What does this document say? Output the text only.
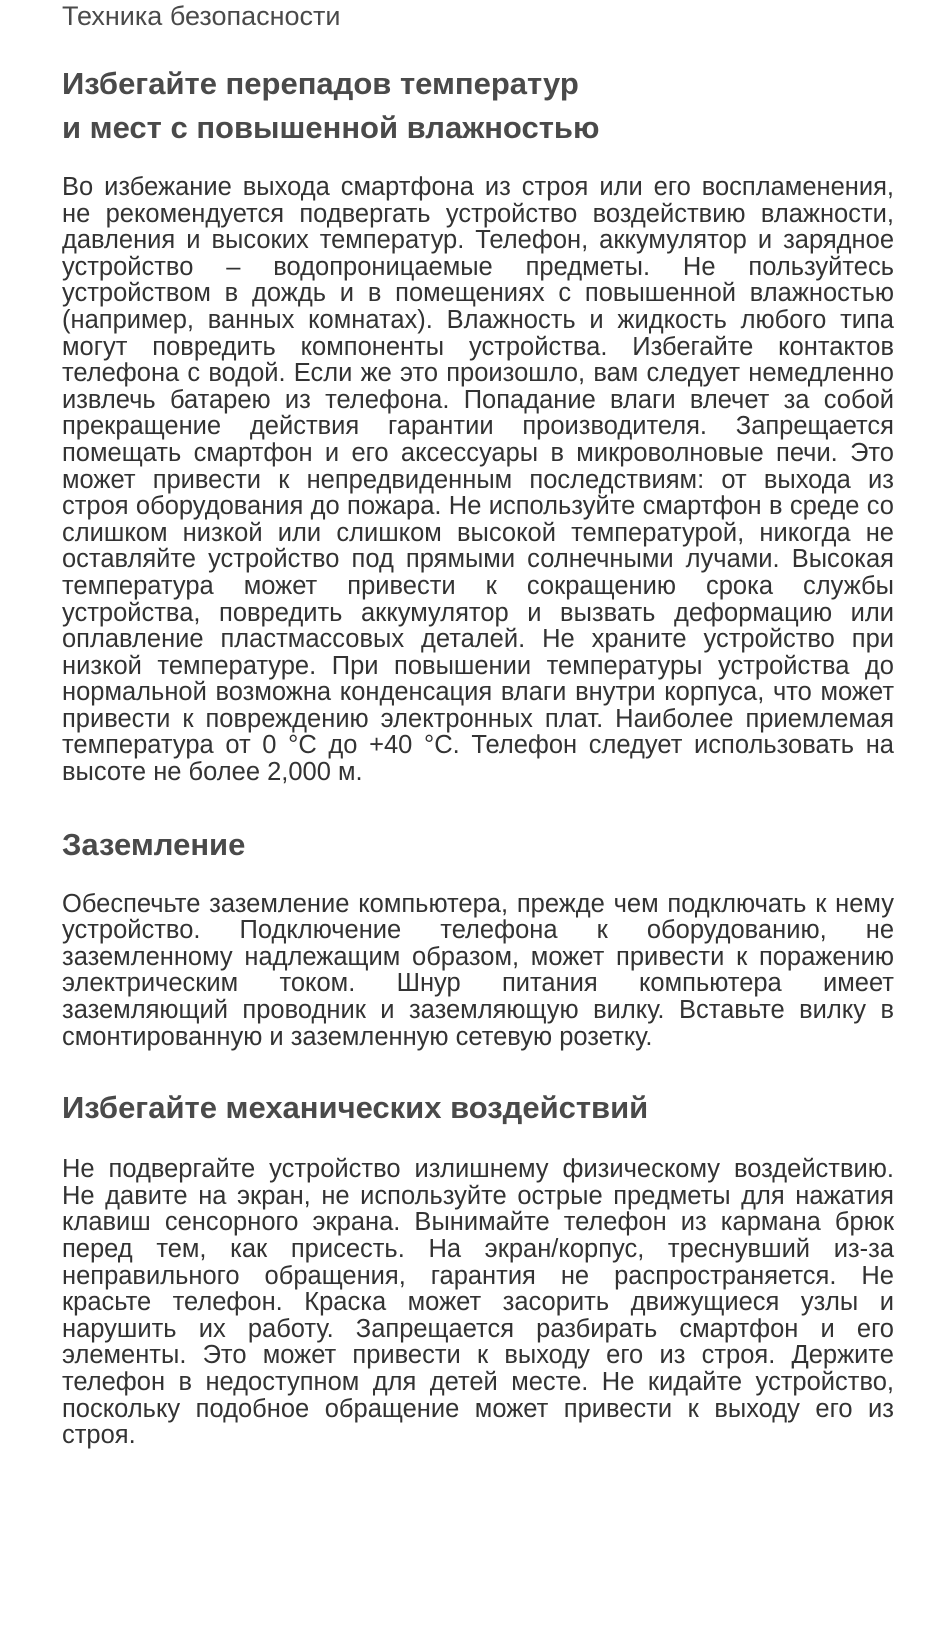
Техника безопасности
Избегайте перепадов температур
и мест с повышенной влажностью

Во избежание выхода смартфона из строя или его воспламенения, не рекомендуется подвергать устройство воздействию влажности, давления и высоких температур. Телефон, аккумулятор и зарядное устройство – водопроницаемые предметы. Не пользуйтесь устройством в дождь и в помещениях с повышенной влажностью (например, ванных комнатах). Влажность и жидкость любого типа могут повредить компоненты устройства. Избегайте контактов телефона с водой. Если же это произошло, вам следует немедленно извлечь батарею из телефона. Попадание влаги влечет за собой прекращение действия гарантии производителя. Запрещается помещать смартфон и его аксессуары в микроволновые печи. Это может привести к непредвиденным последствиям: от выхода из строя оборудования до пожара. Не используйте смартфон в среде со слишком низкой или слишком высокой температурой, никогда не оставляйте устройство под прямыми солнечными лучами. Высокая температура может привести к сокращению срока службы устройства, повредить аккумулятор и вызвать деформацию или оплавление пластмассовых деталей. Не храните устройство при низкой температуре. При повышении температуры устройства до нормальной возможна конденсация влаги внутри корпуса, что может привести к повреждению электронных плат. Наиболее приемлемая температура от 0 °С до +40 °С. Телефон следует использовать на высоте не более 2,000 м.

Заземление

Обеспечьте заземление компьютера, прежде чем подключать к нему устройство. Подключение телефона к оборудованию, не заземленному надлежащим образом, может привести к поражению электрическим током. Шнур питания компьютера имеет заземляющий проводник и заземляющую вилку. Вставьте вилку в смонтированную и заземленную сетевую розетку.

Избегайте механических воздействий

Не подвергайте устройство излишнему физическому воздействию. Не давите на экран, не используйте острые предметы для нажатия клавиш сенсорного экрана. Вынимайте телефон из кармана брюк перед тем, как присесть. На экран/корпус, треснувший из-за неправильного обращения, гарантия не распространяется. Не красьте телефон. Краска может засорить движущиеся узлы и нарушить их работу. Запрещается разбирать смартфон и его элементы. Это может привести к выходу его из строя. Держите телефон в недоступном для детей месте. Не кидайте устройство, поскольку подобное обращение может привести к выходу его из строя.
